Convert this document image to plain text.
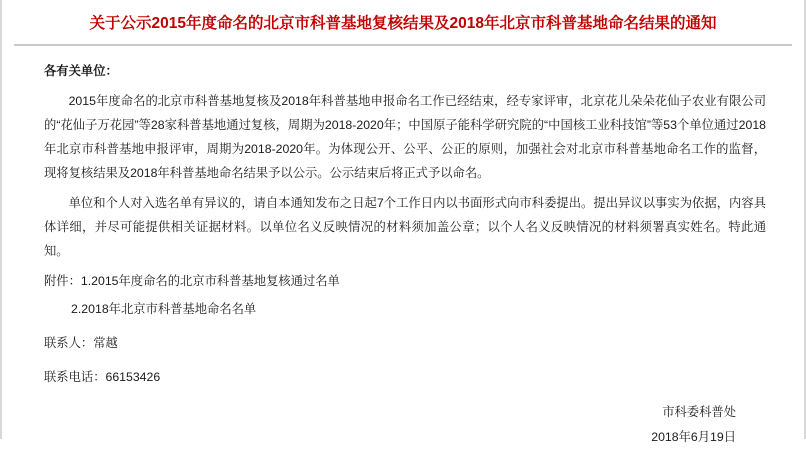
关于公示2015年度命名的北京市科普基地复核结果及2018年北京市科普基地命名结果的通知
各有关单位：

2015年度命名的北京市科普基地复核及2018年科普基地申报命名工作已经结束，经专家评审，北京花儿朵朵花仙子农业有限公司的“花仙子万花园”等28家科普基地通过复核，周期为2018-2020年；中国原子能科学研究院的“中国核工业科技馆”等53个单位通过2018年北京市科普基地申报评审，周期为2018-2020年。为体现公开、公平、公正的原则，加强社会对北京市科普基地命名工作的监督，现将复核结果及2018年科普基地命名结果予以公示。公示结束后将正式予以命名。

单位和个人对入选名单有异议的，请自本通知发布之日起7个工作日内以书面形式向市科委提出。提出异议以事实为依据，内容具体详细，并尽可能提供相关证据材料。以单位名义反映情况的材料须加盖公章；以个人名义反映情况的材料须署真实姓名。特此通知。

附件：1.2015年度命名的北京市科普基地复核通过名单
2.2018年北京市科普基地命名名单
联系人：常越
联系电话：66153426
市科委科普处
2018年6月19日
